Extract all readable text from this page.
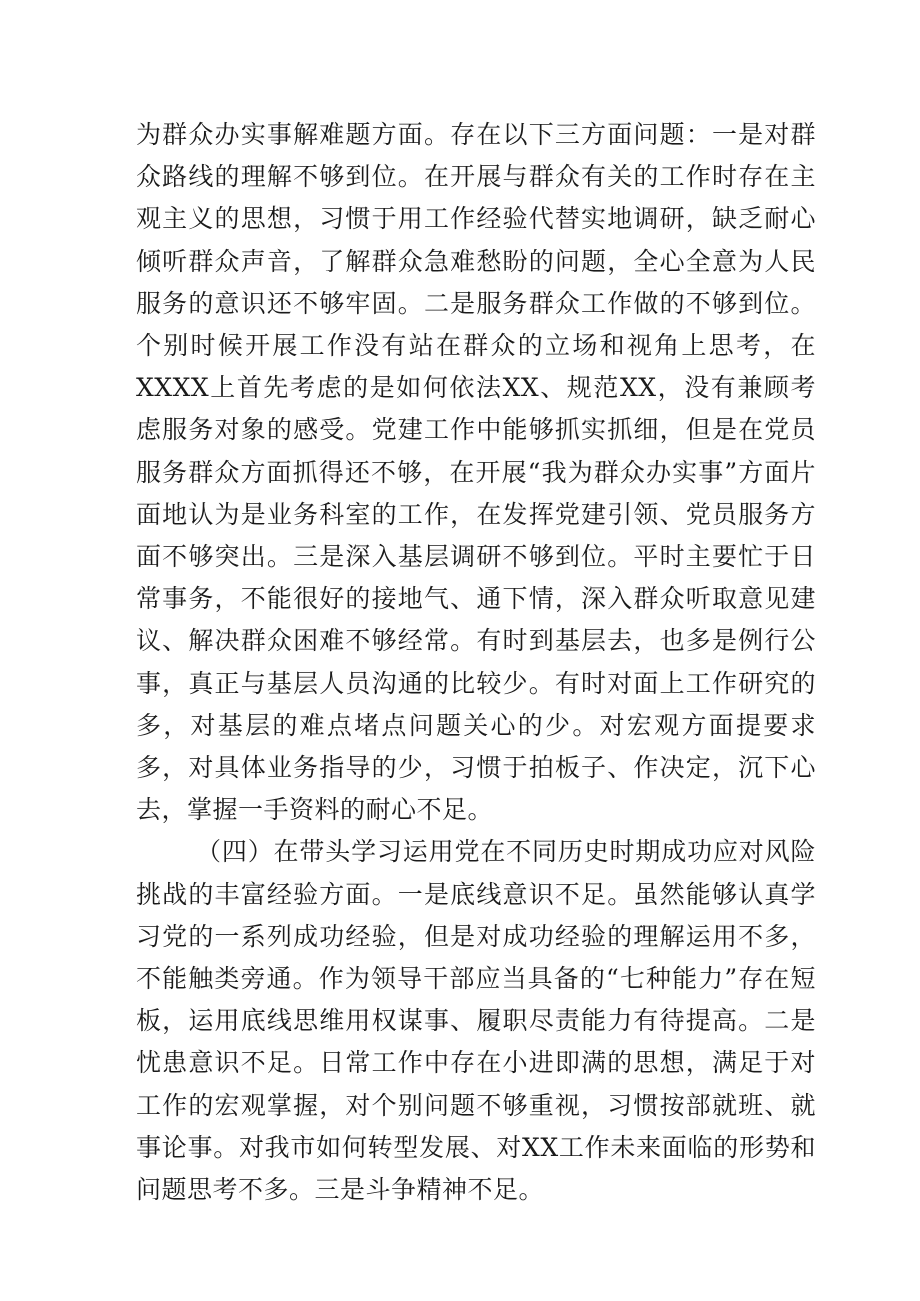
为群众办实事解难题方面。存在以下三方面问题：一是对群众路线的理解不够到位。在开展与群众有关的工作时存在主观主义的思想，习惯于用工作经验代替实地调研，缺乏耐心倾听群众声音，了解群众急难愁盼的问题，全心全意为人民服务的意识还不够牢固。二是服务群众工作做的不够到位。个别时候开展工作没有站在群众的立场和视角上思考，在XXXX上首先考虑的是如何依法XX、规范XX，没有兼顾考虑服务对象的感受。党建工作中能够抓实抓细，但是在党员服务群众方面抓得还不够，在开展“我为群众办实事”方面片面地认为是业务科室的工作，在发挥党建引领、党员服务方面不够突出。三是深入基层调研不够到位。平时主要忙于日常事务，不能很好的接地气、通下情，深入群众听取意见建议、解决群众困难不够经常。有时到基层去，也多是例行公事，真正与基层人员沟通的比较少。有时对面上工作研究的多，对基层的难点堵点问题关心的少。对宏观方面提要求多，对具体业务指导的少，习惯于拍板子、作决定，沉下心去，掌握一手资料的耐心不足。

（四）在带头学习运用党在不同历史时期成功应对风险挑战的丰富经验方面。一是底线意识不足。虽然能够认真学习党的一系列成功经验，但是对成功经验的理解运用不多，不能触类旁通。作为领导干部应当具备的“七种能力”存在短板，运用底线思维用权谋事、履职尽责能力有待提高。二是忧患意识不足。日常工作中存在小进即满的思想，满足于对工作的宏观掌握，对个别问题不够重视，习惯按部就班、就事论事。对我市如何转型发展、对XX工作未来面临的形势和问题思考不多。三是斗争精神不足。
